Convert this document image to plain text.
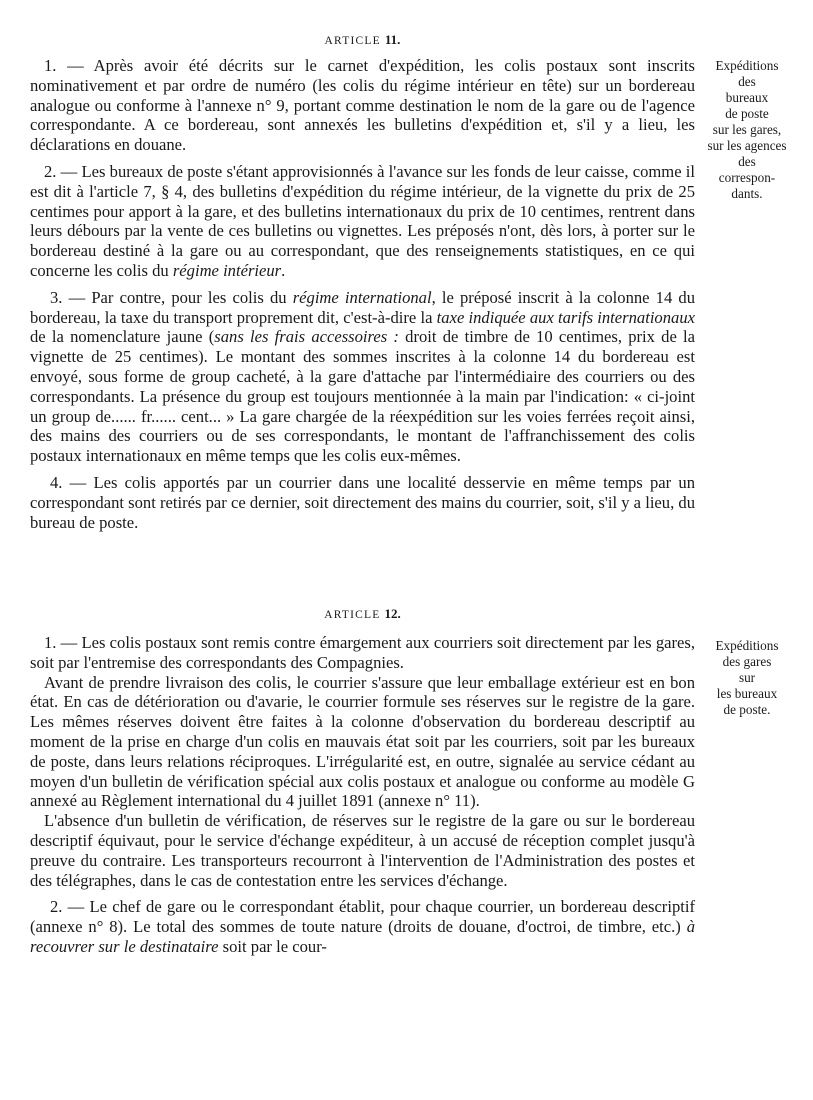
ARTICLE 11.
Expéditions
des
bureaux
de poste
sur les gares,
sur les agences
des
correspon-
dants.

1. — Après avoir été décrits sur le carnet d'expédition, les colis postaux sont inscrits nominativement et par ordre de numéro (les colis du régime intérieur en tête) sur un bordereau analogue ou conforme à l'annexe n° 9, portant comme destination le nom de la gare ou de l'agence correspondante. A ce bordereau, sont annexés les bulletins d'expédition et, s'il y a lieu, les déclarations en douane.

2. — Les bureaux de poste s'étant approvisionnés à l'avance sur les fonds de leur caisse, comme il est dit à l'article 7, § 4, des bulletins d'expédition du régime intérieur, de la vignette du prix de 25 centimes pour apport à la gare, et des bulletins internationaux du prix de 10 centimes, rentrent dans leurs débours par la vente de ces bulletins ou vignettes. Les préposés n'ont, dès lors, à porter sur le bordereau destiné à la gare ou au correspondant, que des renseignements statistiques, en ce qui concerne les colis du régime intérieur.

3. — Par contre, pour les colis du régime international, le préposé inscrit à la colonne 14 du bordereau, la taxe du transport proprement dit, c'est-à-dire la taxe indiquée aux tarifs internationaux de la nomenclature jaune (sans les frais accessoires : droit de timbre de 10 centimes, prix de la vignette de 25 centimes). Le montant des sommes inscrites à la colonne 14 du bordereau est envoyé, sous forme de group cacheté, à la gare d'attache par l'intermédiaire des courriers ou des correspondants. La présence du group est toujours mentionnée à la main par l'indication: « ci-joint un group de...... fr...... cent... » La gare chargée de la réexpédition sur les voies ferrées reçoit ainsi, des mains des courriers ou de ses correspondants, le montant de l'affranchissement des colis postaux internationaux en même temps que les colis eux-mêmes.

4. — Les colis apportés par un courrier dans une localité desservie en même temps par un correspondant sont retirés par ce dernier, soit directement des mains du courrier, soit, s'il y a lieu, du bureau de poste.

ARTICLE 12.
Expéditions
des gares
sur
les bureaux
de poste.

1. — Les colis postaux sont remis contre émargement aux courriers soit directement par les gares, soit par l'entremise des correspondants des Compagnies.

Avant de prendre livraison des colis, le courrier s'assure que leur emballage extérieur est en bon état. En cas de détérioration ou d'avarie, le courrier formule ses réserves sur le registre de la gare. Les mêmes réserves doivent être faites à la colonne d'observation du bordereau descriptif au moment de la prise en charge d'un colis en mauvais état soit par les courriers, soit par les bureaux de poste, dans leurs relations réciproques. L'irrégularité est, en outre, signalée au service cédant au moyen d'un bulletin de vérification spécial aux colis postaux et analogue ou conforme au modèle G annexé au Règlement international du 4 juillet 1891 (annexe n° 11).

L'absence d'un bulletin de vérification, de réserves sur le registre de la gare ou sur le bordereau descriptif équivaut, pour le service d'échange expéditeur, à un accusé de réception complet jusqu'à preuve du contraire. Les transporteurs recourront à l'intervention de l'Administration des postes et des télégraphes, dans le cas de contestation entre les services d'échange.

2. — Le chef de gare ou le correspondant établit, pour chaque courrier, un bordereau descriptif (annexe n° 8). Le total des sommes de toute nature (droits de douane, d'octroi, de timbre, etc.) à recouvrer sur le destinataire soit par le cour-
